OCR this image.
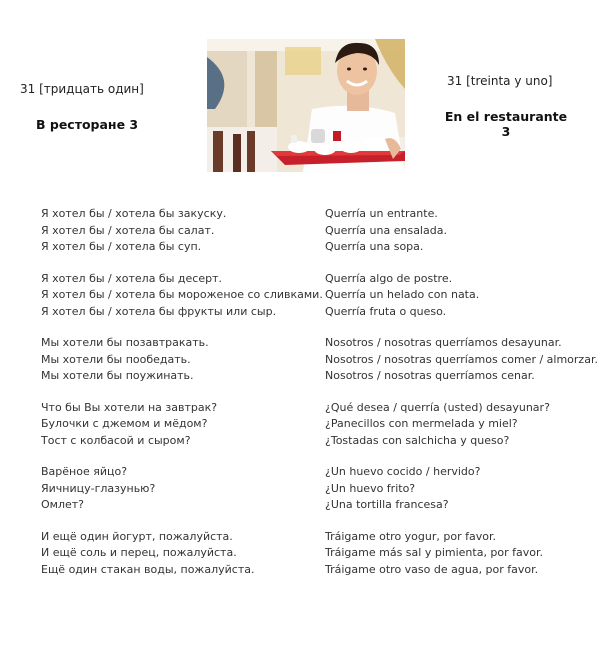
31 [тридцать один]
В ресторане 3
31 [treinta y uno]
En el restaurante 3
Я хотел бы / хотела бы закуску.	Querría un entrante.
Я хотел бы / хотела бы салат.	Querría una ensalada.
Я хотел бы / хотела бы суп.	Querría una sopa.
Я хотел бы / хотела бы десерт.	Querría algo de postre.
Я хотел бы / хотела бы мороженое со сливками. Querría un helado con nata.
Я хотел бы / хотела бы фрукты или сыр.	Querría fruta o queso.
Мы хотели бы позавтракать.	Nosotros / nosotras querríamos desayunar.
Мы хотели бы пообедать.	Nosotros / nosotras querríamos comer / almorzar.
Мы хотели бы поужинать.	Nosotros / nosotras querríamos cenar.
Что бы Вы хотели на завтрак?	¿Qué desea / querría (usted) desayunar?
Булочки с джемом и мёдом?	¿Panecillos con mermelada y miel?
Тост с колбасой и сыром?	¿Tostadas con salchicha y queso?
Варёное яйцо?	¿Un huevo cocido / hervido?
Яичницу-глазунью?	¿Un huevo frito?
Омлет?	¿Una tortilla francesa?
И ещё один йогурт, пожалуйста.	Tráigame otro yogur, por favor.
И ещё соль и перец, пожалуйста.	Tráigame más sal y pimienta, por favor.
Ещё один стакан воды, пожалуйста.	Tráigame otro vaso de agua, por favor.
